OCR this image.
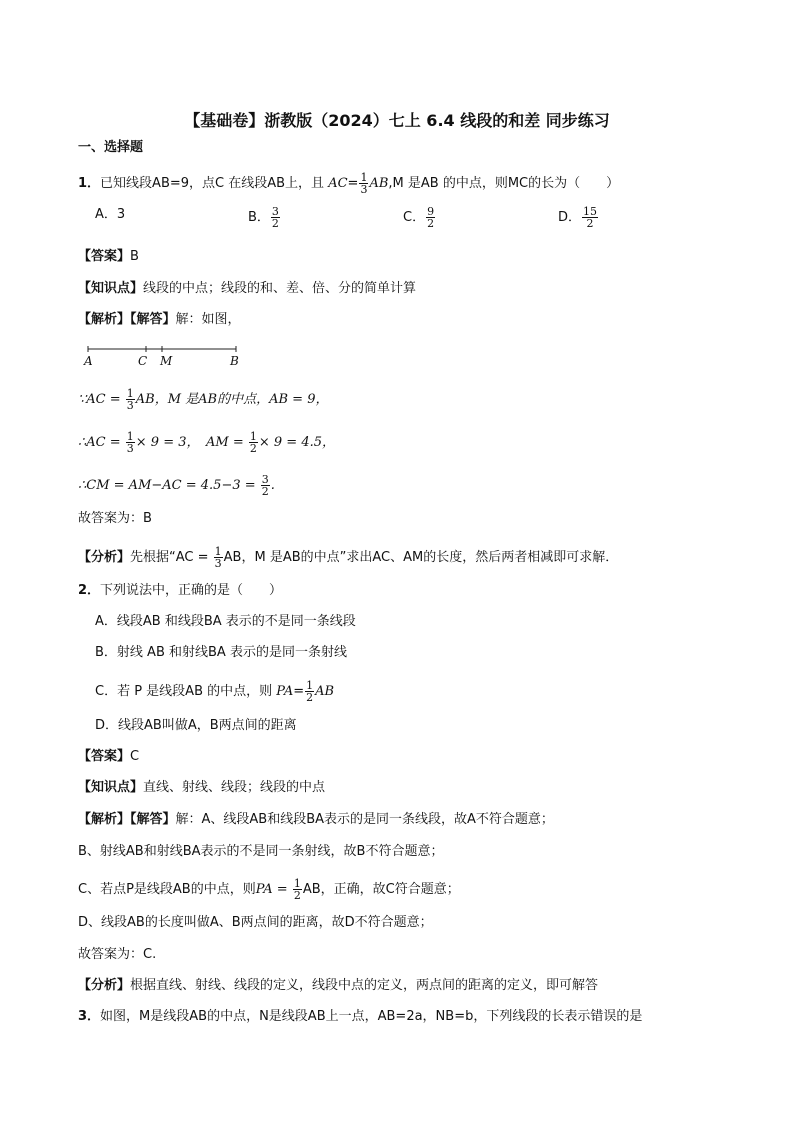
【基础卷】浙教版（2024）七上 6.4 线段的和差 同步练习
一、选择题
1．已知线段AB=9，点C 在线段AB上，且 $AC= \frac{1}{3} AB,M$ 是AB 的中点，则MC的长为（　　）
A．3	B． $\frac{3}{2}$	C． $\frac{9}{2}$	D． $\frac{15}{2}$
【答案】B
【知识点】线段的中点；线段的和、差、倍、分的简单计算
【解析】【解答】解：如图，
A	C M	B
∵AC = $\frac{1}{3}$ AB，M 是AB的中点，AB = 9，
∴AC = $\frac{1}{3} \times 9 = 3$，　AM = $\frac{1}{2} \times 9 = 4.5$，
∴CM = $AM-AC = 4.5-3 = \frac{3}{2}$ .
故答案为：B
【分析】先根据“AC = $\frac{1}{3}$ AB，M 是AB的中点”求出AC、AM的长度，然后两者相减即可求解．
2．下列说法中，正确的是（　　）
A．线段AB 和线段BA 表示的不是同一条线段
B．射线 AB 和射线BA 表示的是同一条射线
C．若 P 是线段AB 的中点，则 $PA= \frac{1}{2}$ AB
D．线段AB叫做A，B两点间的距离
【答案】C
【知识点】直线、射线、线段；线段的中点
【解析】【解答】解：A、线段AB和线段BA表示的是同一条线段，故A不符合题意；
B、射线AB和射线BA表示的不是同一条射线，故B不符合题意；
C、若点P是线段AB的中点，则PA = $\frac{1}{2}$ AB，正确，故C符合题意；
D、线段AB的长度叫做A、B两点间的距离，故D不符合题意；
故答案为：C.
【分析】根据直线、射线、线段的定义，线段中点的定义，两点间的距离的定义，即可解答
3．如图，M是线段AB的中点，N是线段AB上一点，AB=2a，NB=b，下列线段的长表示错误的是
